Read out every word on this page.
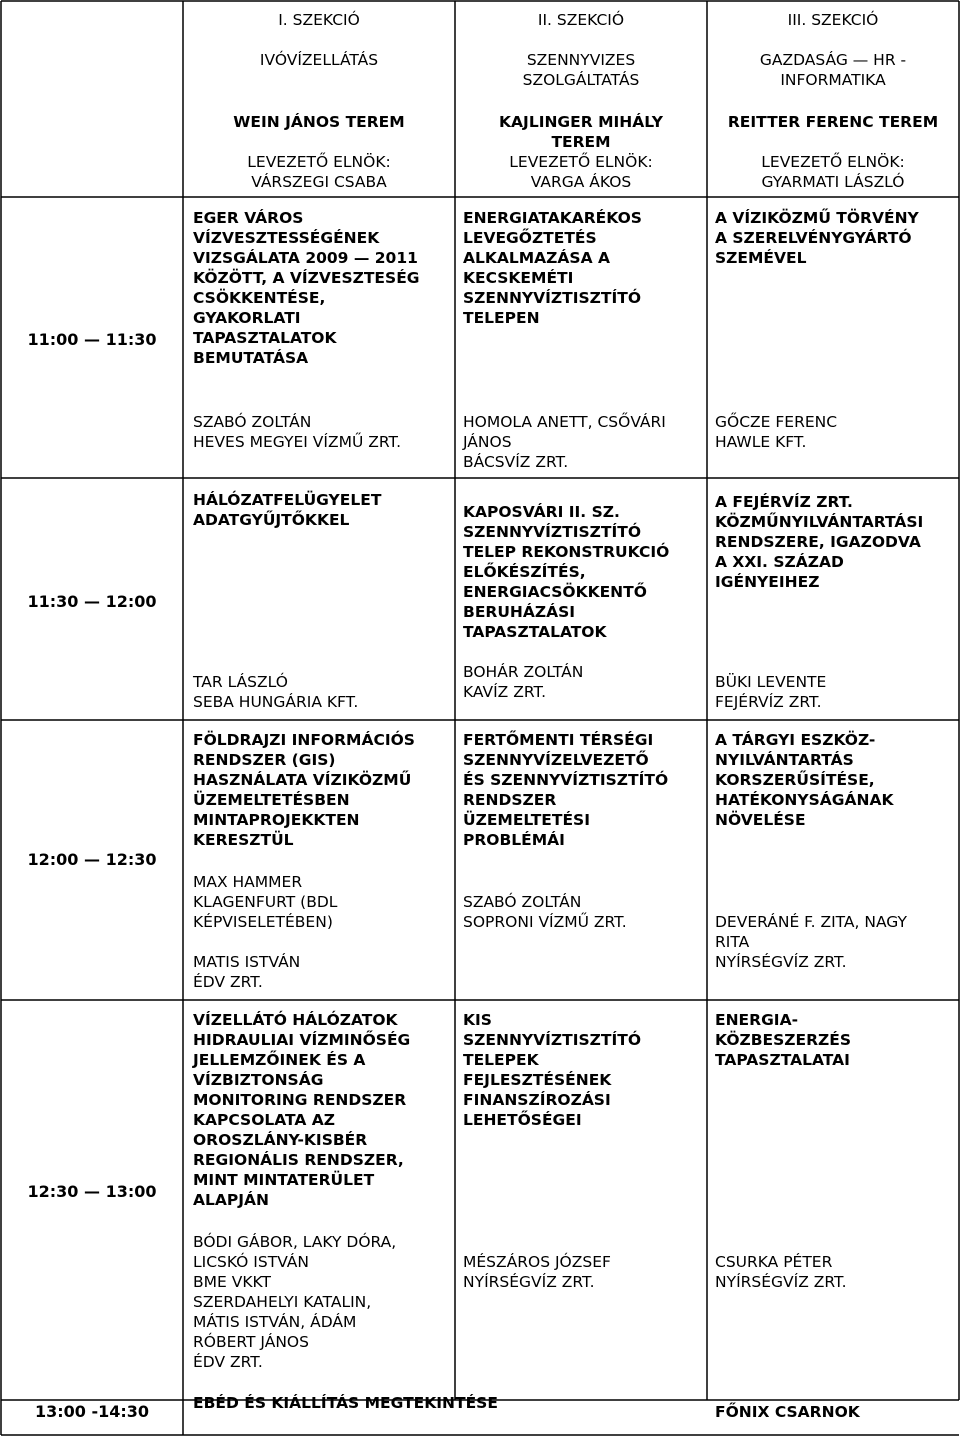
I. SZEKCIÓ
IVÓVÍZELLÁTÁS
WEIN JÁNOS TEREM
LEVEZETŐ ELNÖK:
VÁRSZEGI CSABA
II. SZEKCIÓ
SZENNYVIZES
SZOLGÁLTATÁS
KAJLINGER MIHÁLY
TEREM
LEVEZETŐ ELNÖK:
VARGA ÁKOS
III. SZEKCIÓ
GAZDASÁG — HR -
INFORMATIKA
REITTER FERENC TEREM
LEVEZETŐ ELNÖK:
GYARMATI LÁSZLÓ
11:00 — 11:30
11:30 — 12:00
12:00 — 12:30
12:30 — 13:00
13:00 -14:30
EGER VÁROS
VÍZVESZTESSÉGÉNEK
VIZSGÁLATA 2009 — 2011
KÖZÖTT, A VÍZVESZTESÉG
CSÖKKENTÉSE,
GYAKORLATI
TAPASZTALATOK
BEMUTATÁSA
SZABÓ ZOLTÁN
HEVES MEGYEI VÍZMŰ ZRT.
ENERGIATAKARÉKOS
LEVEGŐZTETÉS
ALKALMAZÁSA A
KECSKEMÉTI
SZENNYVÍZTISZTÍTÓ
TELEPEN
HOMOLA ANETT, CSŐVÁRI
JÁNOS
BÁCSVÍZ ZRT.
A VÍZIKÖZMŰ TÖRVÉNY
A SZERELVÉNYGYÁRTÓ
SZEMÉVEL
GŐCZE FERENC
HAWLE KFT.
HÁLÓZATFELÜGYELET
ADATGYŰJTŐKKEL
TAR LÁSZLÓ
SEBA HUNGÁRIA KFT.
KAPOSVÁRI II. SZ.
SZENNYVÍZTISZTÍTÓ
TELEP REKONSTRUKCIÓ
ELŐKÉSZÍTÉS,
ENERGIACSÖKKENTŐ
BERUHÁZÁSI
TAPASZTALATOK
BOHÁR ZOLTÁN
KAVÍZ ZRT.
A FEJÉRVÍZ ZRT.
KÖZMŰNYILVÁNTARTÁSI
RENDSZERE, IGAZODVA
A XXI. SZÁZAD
IGÉNYEIHEZ
BÜKI LEVENTE
FEJÉRVÍZ ZRT.
FÖLDRAJZI INFORMÁCIÓS
RENDSZER (GIS)
HASZNÁLATA VÍZIKÖZMŰ
ÜZEMELTETÉSBEN
MINTAPROJEKKTEN
KERESZTÜL
MAX HAMMER
KLAGENFURT (BDL
KÉPVISELETÉBEN)
MATIS ISTVÁN
ÉDV ZRT.
FERTŐMENTI TÉRSÉGI
SZENNYVÍZELVEZETŐ
ÉS SZENNYVÍZTISZTÍTÓ
RENDSZER
ÜZEMELTETÉSI
PROBLÉMÁI
SZABÓ ZOLTÁN
SOPRONI VÍZMŰ ZRT.
A TÁRGYI ESZKÖZ-
NYILVÁNTARTÁS
KORSZERŰSÍTÉSE,
HATÉKONYSÁGÁNAK
NÖVELÉSE
DEVERÁNÉ F. ZITA, NAGY
RITA
NYÍRSÉGVÍZ ZRT.
VÍZELLÁTÓ HÁLÓZATOK
HIDRAULIAI VÍZMINŐSÉG
JELLEMZŐINEK ÉS A
VÍZBIZTONSÁG
MONITORING RENDSZER
KAPCSOLATA AZ
OROSZLÁNY-KISBÉR
REGIONÁLIS RENDSZER,
MINT MINTATERÜLET
ALAPJÁN
BÓDI GÁBOR, LAKY DÓRA,
LICSKÓ ISTVÁN
BME VKKT
SZERDAHELYI KATALIN,
MÁTIS ISTVÁN, ÁDÁM
RÓBERT JÁNOS
ÉDV ZRT.
KIS
SZENNYVÍZTISZTÍTÓ
TELEPEK
FEJLESZTÉSÉNEK
FINANSZÍROZÁSI
LEHETŐSÉGEI
MÉSZÁROS JÓZSEF
NYÍRSÉGVÍZ ZRT.
ENERGIA-
KÖZBESZERZÉS
TAPASZTALATAI
CSURKA PÉTER
NYÍRSÉGVÍZ ZRT.
EBÉD ÉS KIÁLLÍTÁS MEGTEKINTÉSE	FŐNIX CSARNOK
